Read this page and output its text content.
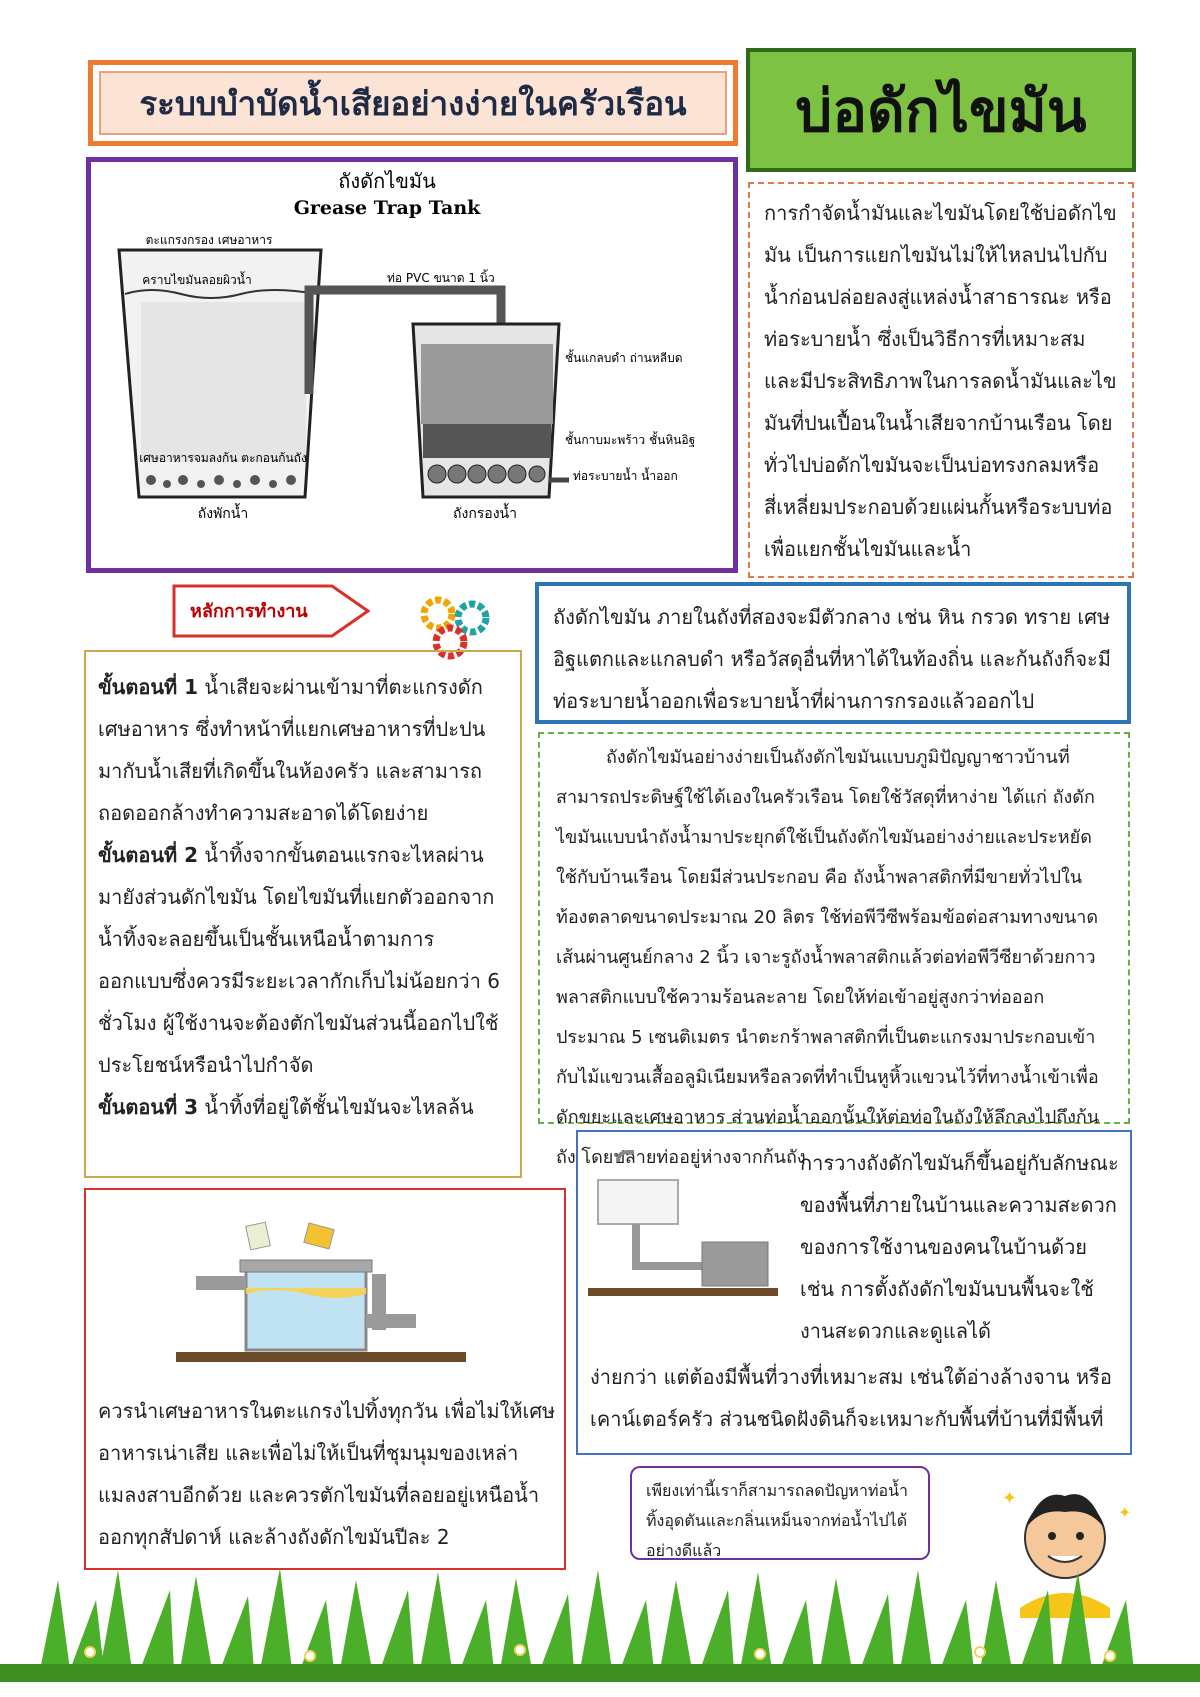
ระบบบำบัดน้ำเสียอย่างง่ายในครัวเรือน	บ่อดักไขมัน
ถังดักไขมัน
Grease Trap Tank
ตะแกรงกรอง เศษอาหาร
คราบไขมันลอยผิวน้ำ	ท่อ PVC ขนาด 1 นิ้ว
ชั้นแกลบดำ ถ่านหลีบด
เศษอาหารจมลงก้น ตะกอนก้นถัง
ชั้นกาบมะพร้าว ชั้นหินอิฐ
ท่อระบายน้ำ น้ำออก
ถังพักน้ำ	ถังกรองน้ำ
การกำจัดน้ำมันและไขมันโดยใช้บ่อดักไขมัน เป็นการแยกไขมันไม่ให้ไหลปนไปกับน้ำก่อนปล่อยลงสู่แหล่งน้ำสาธารณะ หรือท่อระบายน้ำ ซึ่งเป็นวิธีการที่เหมาะสมและมีประสิทธิภาพในการลดน้ำมันและไขมันที่ปนเปื้อนในน้ำเสียจากบ้านเรือน โดยทั่วไปบ่อดักไขมันจะเป็นบ่อทรงกลมหรือสี่เหลี่ยมประกอบด้วยแผ่นกั้นหรือระบบท่อเพื่อแยกชั้นไขมันและน้ำ
หลักการทำงาน	ถังดักไขมัน ภายในถังที่สองจะมีตัวกลาง เช่น หิน กรวด ทราย เศษอิฐแตกและแกลบดำ หรือวัสดุอื่นที่หาได้ในท้องถิ่น และก้นถังก็จะมีท่อระบายน้ำออกเพื่อระบายน้ำที่ผ่านการกรองแล้วออกไป
ขั้นตอนที่ 1 น้ำเสียจะผ่านเข้ามาที่ตะแกรงดักเศษอาหาร ซึ่งทำหน้าที่แยกเศษอาหารที่ปะปนมากับน้ำเสียที่เกิดขึ้นในห้องครัว และสามารถถอดออกล้างทำความสะอาดได้โดยง่าย
ขั้นตอนที่ 2 น้ำทิ้งจากขั้นตอนแรกจะไหลผ่านมายังส่วนดักไขมัน โดยไขมันที่แยกตัวออกจากน้ำทิ้งจะลอยขึ้นเป็นชั้นเหนือน้ำตามการออกแบบซึ่งควรมีระยะเวลากักเก็บไม่น้อยกว่า 6 ชั่วโมง ผู้ใช้งานจะต้องตักไขมันส่วนนี้ออกไปใช้ประโยชน์หรือนำไปกำจัด
ขั้นตอนที่ 3 น้ำทิ้งที่อยู่ใต้ชั้นไขมันจะไหลล้น
ถังดักไขมันอย่างง่ายเป็นถังดักไขมันแบบภูมิปัญญาชาวบ้านที่สามารถประดิษฐ์ใช้ได้เองในครัวเรือน โดยใช้วัสดุที่หาง่าย ได้แก่ ถังดักไขมันแบบนำถังน้ำมาประยุกต์ใช้เป็นถังดักไขมันอย่างง่ายและประหยัดใช้กับบ้านเรือน โดยมีส่วนประกอบ คือ ถังน้ำพลาสติกที่มีขายทั่วไปในท้องตลาดขนาดประมาณ 20 ลิตร ใช้ท่อพีวีซีพร้อมข้อต่อสามทางขนาดเส้นผ่านศูนย์กลาง 2 นิ้ว เจาะรูถังน้ำพลาสติกแล้วต่อท่อพีวีซียาด้วยกาวพลาสติกแบบใช้ความร้อนละลาย โดยให้ท่อเข้าอยู่สูงกว่าท่อออกประมาณ 5 เซนติเมตร นำตะกร้าพลาสติกที่เป็นตะแกรงมาประกอบเข้ากับไม้แขวนเสื้ออลูมิเนียมหรือลวดที่ทำเป็นหูหิ้วแขวนไว้ที่ทางน้ำเข้าเพื่อดักขยะและเศษอาหาร ส่วนท่อน้ำออกนั้นให้ต่อท่อในถังให้ลึกลงไปถึงก้นถัง โดยปลายท่ออยู่ห่างจากก้นถัง
ควรนำเศษอาหารในตะแกรงไปทิ้งทุกวัน เพื่อไม่ให้เศษอาหารเน่าเสีย และเพื่อไม่ให้เป็นที่ชุมนุมของเหล่าแมลงสาบอีกด้วย และควรตักไขมันที่ลอยอยู่เหนือน้ำออกทุกสัปดาห์ และล้างถังดักไขมันปีละ 2
การวางถังดักไขมันก็ขึ้นอยู่กับลักษณะของพื้นที่ภายในบ้านและความสะดวกของการใช้งานของคนในบ้านด้วย เช่น การตั้งถังดักไขมันบนพื้นจะใช้งานสะดวกและดูแลได้
ง่ายกว่า แต่ต้องมีพื้นที่วางที่เหมาะสม เช่นใต้อ่างล้างจาน หรือเคาน์เตอร์ครัว ส่วนชนิดฝังดินก็จะเหมาะกับพื้นที่บ้านที่มีพื้นที่
เพียงเท่านี้เราก็สามารถลดปัญหาท่อน้ำทิ้งอุดตันและกลิ่นเหม็นจากท่อน้ำไปได้อย่างดีแล้ว
✦
✦
